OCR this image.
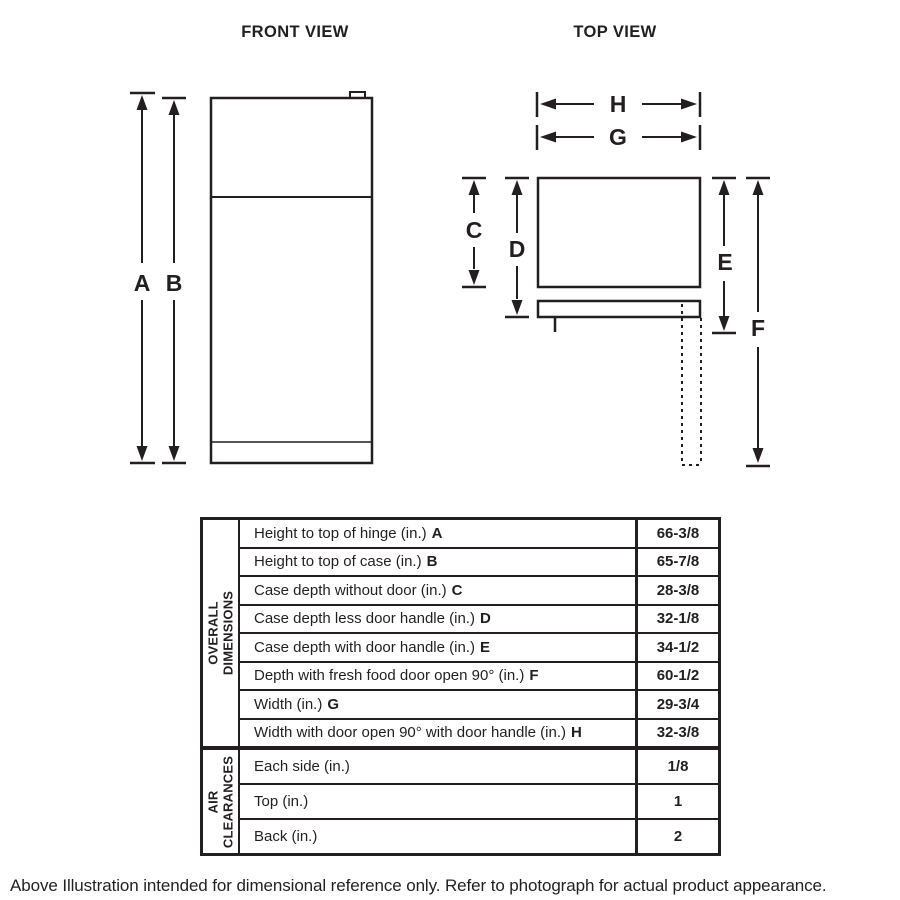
FRONT VIEW	TOP VIEW
A B
H
G
C
D	E
F
OVERALL DIMENSIONS
Height to top of hinge (in.) A	66-3/8
Height to top of case (in.) B	65-7/8
Case depth without door (in.) C	28-3/8
Case depth less door handle (in.) D	32-1/8
Case depth with door handle (in.) E	34-1/2
Depth with fresh food door open 90° (in.) F	60-1/2
Width (in.) G	29-3/4
Width with door open 90° with door handle (in.) H	32-3/8
AIR CLEARANCES Each side (in.)	1/8
Top (in.)	1
Back (in.)	2
Above Illustration intended for dimensional reference only. Refer to photograph for actual product appearance.
